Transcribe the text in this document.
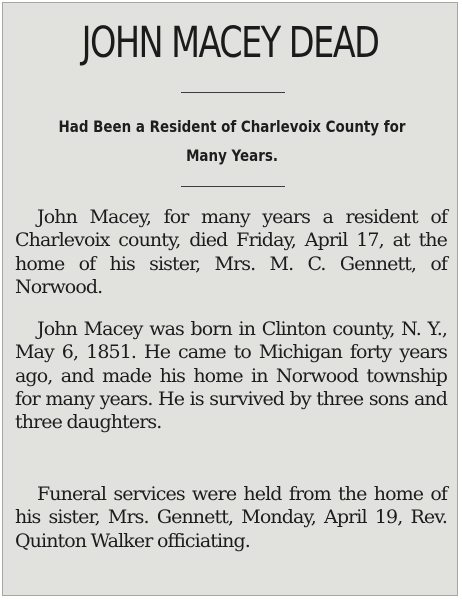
JOHN MACEY DEAD
Had Been a Resident of Charlevoix County for Many Years.

John Macey, for many years a resident of Charlevoix county, died Friday, April 17, at the home of his sister, Mrs. M. C. Gennett, of Norwood.

John Macey was born in Clinton county, N. Y., May 6, 1851. He came to Michigan forty years ago, and made his home in Norwood township for many years. He is survived by three sons and three daughters.

Funeral services were held from the home of his sister, Mrs. Gennett, Monday, April 19, Rev. Quinton Walker officiating.
